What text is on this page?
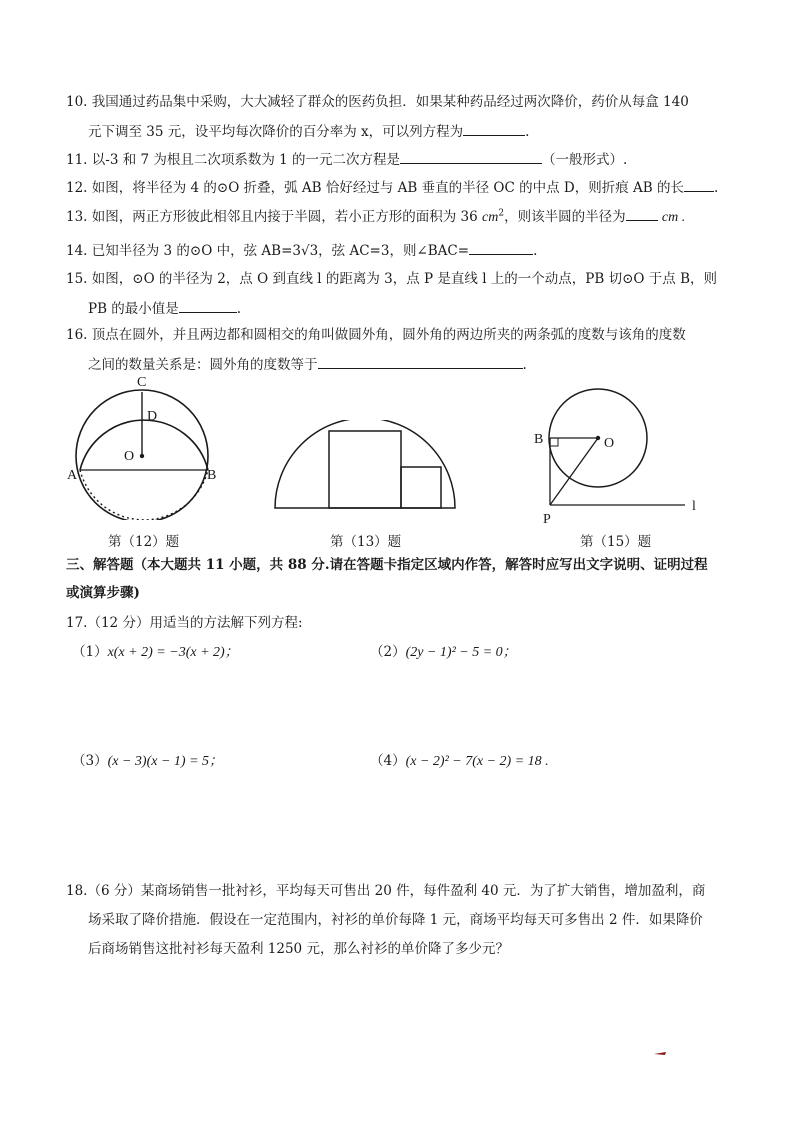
10. 我国通过药品集中采购，大大减轻了群众的医药负担．如果某种药品经过两次降价，药价从每盒 140
元下调至 35 元，设平均每次降价的百分率为 x，可以列方程为	.
11. 以-3 和 7 为根且二次项系数为 1 的一元二次方程是	（一般形式）.
12. 如图，将半径为 4 的⊙O 折叠，弧 AB 恰好经过与 AB 垂直的半径 OC 的中点 D，则折痕 AB 的长 .
13. 如图，两正方形彼此相邻且内接于半圆，若小正方形的面积为 36 $cm^2$，则该半圆的半径为	cm .
14. 已知半径为 3 的⊙O 中，弦 AB=3√3，弦 AC=3，则∠BAC=	.
15. 如图，⊙O 的半径为 2，点 O 到直线 l 的距离为 3，点 P 是直线 l 上的一个动点，PB 切⊙O 于点 B，则
PB 的最小值是	.
16. 顶点在圆外，并且两边都和圆相交的角叫做圆外角，圆外角的两边所夹的两条弧的度数与该角的度数
之间的数量关系是：圆外角的度数等于	.
C
D
O
A	B
第（12）题	第（13）题
B	O
P
l
第（15）题
三、解答题（本大题共 11 小题，共 88 分.请在答题卡指定区域内作答，解答时应写出文字说明、证明过程
或演算步骤)
17.（12 分）用适当的方法解下列方程:
（1）x(x + 2) = −3(x + 2)；	（2）(2y − 1)² − 5 = 0；
（3）(x − 3)(x − 1) = 5；	（4）(x − 2)² − 7(x − 2) = 18 .
18.（6 分）某商场销售一批衬衫，平均每天可售出 20 件，每件盈利 40 元．为了扩大销售，增加盈利，商
场采取了降价措施．假设在一定范围内，衬衫的单价每降 1 元，商场平均每天可多售出 2 件．如果降价
后商场销售这批衬衫每天盈利 1250 元，那么衬衫的单价降了多少元？
